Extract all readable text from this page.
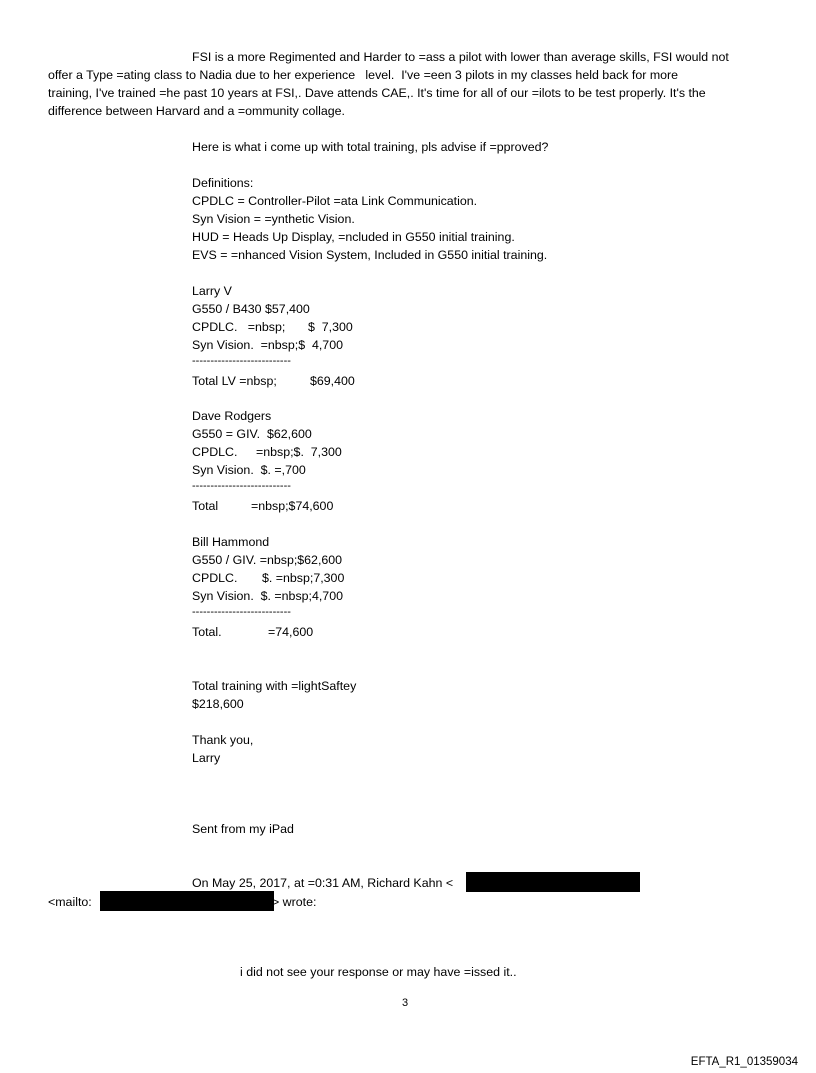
FSI is a more Regimented and Harder to =ass a pilot with lower than average skills, FSI would not

offer a Type =ating class to Nadia due to her experience   level.  I've =een 3 pilots in my classes held back for more

training, I've trained =he past 10 years at FSI,. Dave attends CAE,. It's time for all of our =ilots to be test properly. It's the

difference between Harvard and a =ommunity collage.

Here is what i come up with total training, pls advise if =pproved?

Definitions:

CPDLC = Controller-Pilot =ata Link Communication.

Syn Vision = =ynthetic Vision.

HUD = Heads Up Display, =ncluded in G550 initial training.

EVS = =nhanced Vision System, Included in G550 initial training.

Larry V

G550 / B430 $57,400

CPDLC.   =nbsp; $  7,300

Syn Vision.  =nbsp;$  4,700

---------------------------

Total LV =nbsp;	$69,400

Dave Rodgers

G550 = GIV.  $62,600

CPDLC. =nbsp;$.  7,300

Syn Vision.  $. =,700

---------------------------

Total	=nbsp;$74,600

Bill Hammond

G550 / GIV. =nbsp;$62,600

CPDLC. $. =nbsp;7,300

Syn Vision.  $. =nbsp;4,700

---------------------------

Total.	=74,600

Total training with =lightSaftey

$218,600

Thank you,

Larry

Sent from my iPad

On May 25, 2017, at =0:31 AM, Richard Kahn <

<mailto:	> wrote:

i did not see your response or may have =issed it..

3
EFTA_R1_01359034
